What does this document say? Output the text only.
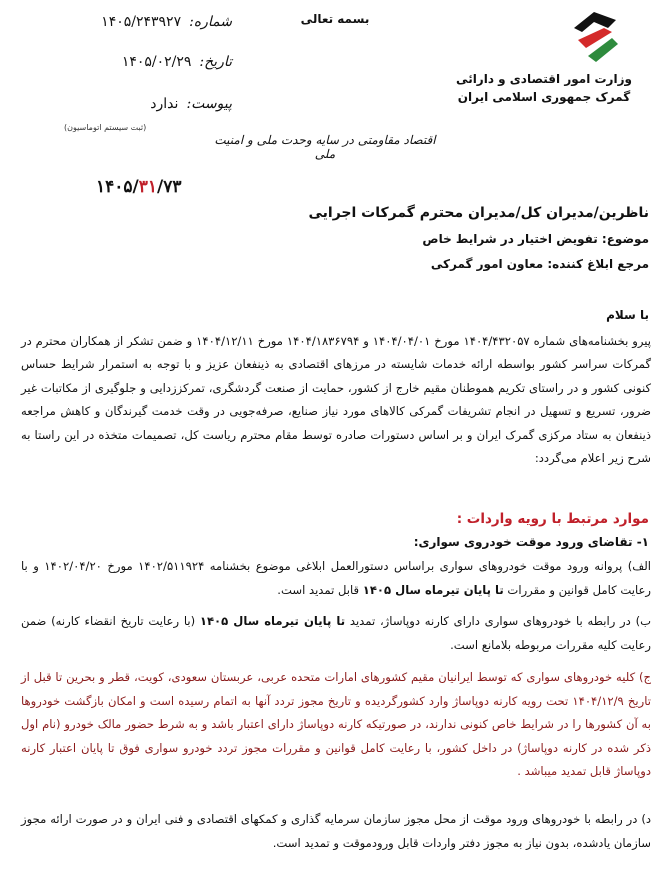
وزارت امور اقتصادی و دارائی
گمرک جمهوری اسلامی ایران
بسمه تعالی
شماره:
۱۴۰۵/۲۴۳۹۲۷
تاریخ:
۱۴۰۵/۰۲/۲۹
پیوست:
ندارد
(ثبت سیستم اتوماسیون)
اقتصاد مقاومتی در سایه وحدت ملی و امنیت ملی
۱۴۰۵/۳۱/۷۳
ناظرین/مدیران کل/مدیران محترم گمرکات اجرایی
موضوع: تفویض اختیار در شرایط خاص
مرجع ابلاغ کننده: معاون امور گمرکی
با سلام
پیرو بخشنامه‌های شماره ۱۴۰۴/۴۳۲۰۵۷ مورخ ۱۴۰۴/۰۴/۰۱ و ۱۴۰۴/۱۸۳۶۷۹۴ مورخ ۱۴۰۴/۱۲/۱۱ و ضمن تشکر از همکاران محترم در گمرکات سراسر کشور بواسطه ارائه خدمات شایسته در مرزهای اقتصادی به ذینفعان عزیز و با توجه به استمرار شرایط حساس کنونی کشور و در راستای تکریم هموطنان مقیم خارج از کشور، حمایت از صنعت گردشگری، تمرکززدایی و جلوگیری از مکاتبات غیر ضرور، تسریع و تسهیل در انجام تشریفات گمرکی کالاهای مورد نیاز صنایع، صرفه‌جویی در وقت خدمت گیرندگان و کاهش مراجعه ذینفعان به ستاد مرکزی گمرک ایران و بر اساس دستورات صادره توسط مقام محترم ریاست کل، تصمیمات متخذه در این راستا به شرح زیر اعلام می‌گردد:
موارد مرتبط با رویه واردات :
۱- تقاضای ورود موقت خودروی سواری:
الف) پروانه ورود موقت خودروهای سواری براساس دستورالعمل ابلاغی موضوع بخشنامه ۱۴۰۲/۵۱۱۹۲۴ مورخ ۱۴۰۲/۰۴/۲۰ و با رعایت کامل قوانین و مقررات تا پایان تیرماه سال ۱۴۰۵ قابل تمدید است.
ب) در رابطه با خودروهای سواری دارای کارنه دوپاساژ، تمدید تا پایان تیرماه سال ۱۴۰۵ (با رعایت تاریخ انقضاء کارنه) ضمن رعایت کلیه مقررات مربوطه بلامانع است.
ج) کلیه خودروهای سواری که توسط ایرانیان مقیم کشورهای امارات متحده عربی، عربستان سعودی، کویت، قطر و بحرین تا قبل از تاریخ ۱۴۰۴/۱۲/۹ تحت رویه کارنه دوپاساژ وارد کشورگردیده و تاریخ مجوز تردد آنها به اتمام رسیده است و امکان بازگشت خودروها به آن کشورها را در شرایط خاص کنونی ندارند، در صورتیکه کارنه دوپاساژ دارای اعتبار باشد و به شرط حضور مالک خودرو (نام اول ذکر شده در کارنه دوپاساژ) در داخل کشور، با رعایت کامل قوانین و مقررات مجوز تردد خودرو سواری فوق تا پایان اعتبار کارنه دوپاساژ قابل تمدید میباشد .
د) در رابطه با خودروهای ورود موقت از محل مجوز سازمان سرمایه گذاری و کمکهای اقتصادی و فنی ایران و در صورت ارائه مجوز سازمان یادشده، بدون نیاز به مجوز دفتر واردات قابل ورودموقت و تمدید است.
